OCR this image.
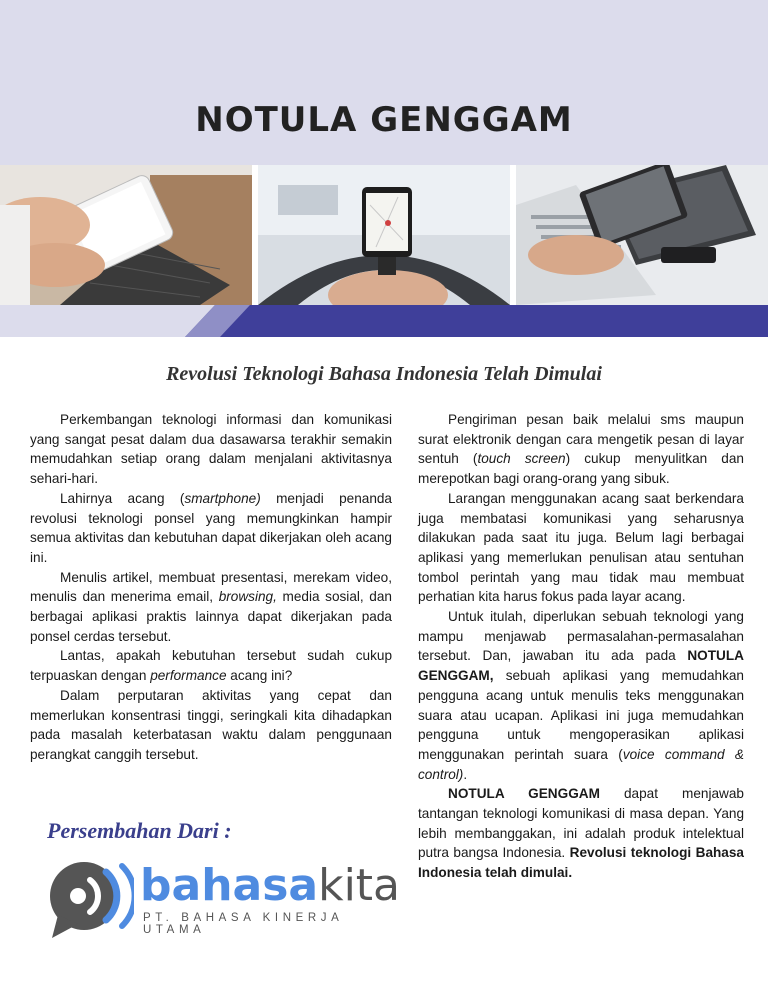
NOTULA GENGGAM
Revolusi Teknologi Bahasa Indonesia Telah Dimulai

Perkembangan teknologi informasi dan komunikasi yang sangat pesat dalam dua dasawarsa terakhir semakin memudahkan setiap orang dalam menjalani aktivitasnya sehari-hari.

Lahirnya acang (smartphone) menjadi penanda revolusi teknologi ponsel yang memungkinkan hampir semua aktivitas dan kebutuhan dapat dikerjakan oleh acang ini.

Menulis artikel, membuat presentasi, merekam video, menulis dan menerima email, browsing, media sosial, dan berbagai aplikasi praktis lainnya dapat dikerjakan pada ponsel cerdas tersebut.

Lantas, apakah kebutuhan tersebut sudah cukup terpuaskan dengan performance acang ini?

Dalam perputaran aktivitas yang cepat dan memerlukan konsentrasi tinggi, seringkali kita dihadapkan pada masalah keterbatasan waktu dalam penggunaan perangkat canggih tersebut.

Pengiriman pesan baik melalui sms maupun surat elektronik dengan cara mengetik pesan di layar sentuh (touch screen) cukup menyulitkan dan merepotkan bagi orang-orang yang sibuk.

Larangan menggunakan acang saat berkendara juga membatasi komunikasi yang seharusnya dilakukan pada saat itu juga. Belum lagi berbagai aplikasi yang memerlukan penulisan atau sentuhan tombol perintah yang mau tidak mau membuat perhatian kita harus fokus pada layar acang.

Untuk itulah, diperlukan sebuah teknologi yang mampu menjawab permasalahan-permasalahan tersebut. Dan, jawaban itu ada pada NOTULA GENGGAM, sebuah aplikasi yang memudahkan pengguna acang untuk menulis teks menggunakan suara atau ucapan. Aplikasi ini juga memudahkan pengguna untuk mengoperasikan aplikasi menggunakan perintah suara (voice command & control).

NOTULA GENGGAM dapat menjawab tantangan teknologi komunikasi di masa depan. Yang lebih membanggakan, ini adalah produk intelektual putra bangsa Indonesia. Revolusi teknologi Bahasa Indonesia telah dimulai.

Persembahan Dari :
bahasakita
PT. BAHASA KINERJA UTAMA
